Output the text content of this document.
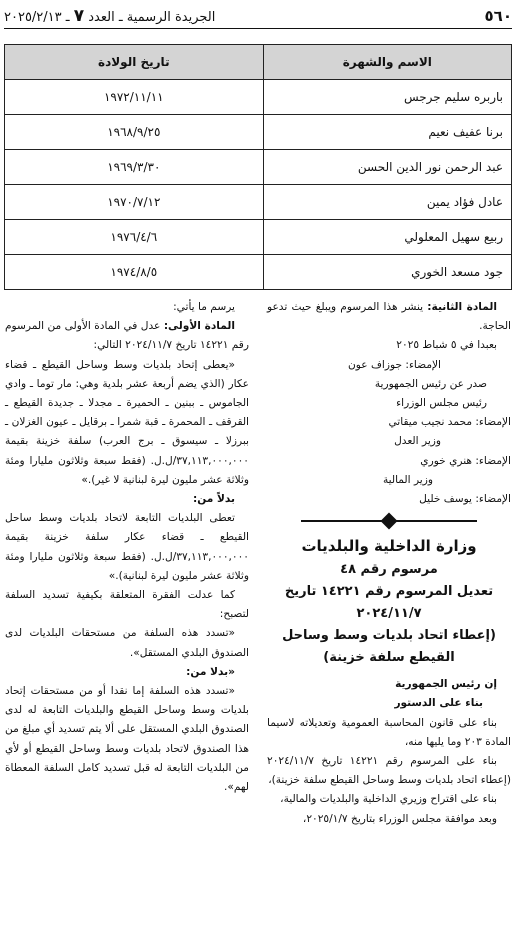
٥٦٠
الجريدة الرسمية ـ العدد ٧ ـ ٢٠٢٥/٢/١٣
الاسم والشهرة	تاريخ الولادة
باربره سليم جرجس	١٩٧٢/١١/١١
برنا عفيف نعيم	١٩٦٨/٩/٢٥
عبد الرحمن نور الدين الحسن	١٩٦٩/٣/٣٠
عادل فؤاد يمين	١٩٧٠/٧/١٢
ربيع سهيل المعلولي	١٩٧٦/٤/٦
جود مسعد الخوري	١٩٧٤/٨/٥

المادة الثانية: ينشر هذا المرسوم ويبلغ حيث تدعو الحاجة.

بعبدا في ٥ شباط ٢٠٢٥

الإمضاء: جوزاف عون

صدر عن رئيس الجمهورية

رئيس مجلس الوزراء

الإمضاء: محمد نجيب ميقاتي

وزير العدل

الإمضاء: هنري خوري

وزير المالية

الإمضاء: يوسف خليل

وزارة الداخلية والبلديات

مرسوم رقم ٤٨

تعديل المرسوم رقم ١٤٢٢١ تاريخ ٢٠٢٤/١١/٧

(إعطاء اتحاد بلديات وسط وساحل القيطع سلفة خزينة)

إن رئيس الجمهورية

بناء على الدستور

بناء على قانون المحاسبة العمومية وتعديلاته لاسيما المادة ٢٠٣ وما يليها منه،

بناء على المرسوم رقم ١٤٢٢١ تاريخ ٢٠٢٤/١١/٧ (إعطاء اتحاد بلديات وسط وساحل القيطع سلفة خزينة)،

بناء على اقتراح وزيري الداخلية والبلديات والمالية،

وبعد موافقة مجلس الوزراء بتاريخ ٢٠٢٥/١/٧،

يرسم ما يأتي:

المادة الأولى: عدل في المادة الأولى من المرسوم رقم ١٤٢٢١ تاريخ ٢٠٢٤/١١/٧ التالي:

«يعطى إتحاد بلديات وسط وساحل القيطع ـ قضاء عكار (الذي يضم أربعة عشر بلدية وهي: مار توما ـ وادي الجاموس ـ ببنين ـ الحميرة ـ مجدلا ـ جديدة القيطع ـ القرقف ـ المحمرة ـ قبة شمرا ـ برقايل ـ عيون الغزلان ـ ببرزلا ـ سيسوق ـ برج العرب) سلفة خزينة بقيمة ٣٧,١١٣,٠٠٠,٠٠٠/ل.ل. (فقط سبعة وثلاثون مليارا ومئة وثلاثة عشر مليون ليرة لبنانية لا غير).»

بدلاً من:

تعطى البلديات التابعة لاتحاد بلديات وسط ساحل القيطع ـ قضاء عكار سلفة خزينة بقيمة ٣٧,١١٣,٠٠٠,٠٠٠/ل.ل. (فقط سبعة وثلاثون مليارا ومئة وثلاثة عشر مليون ليرة لبنانية).»

كما عدلت الفقرة المتعلقة بكيفية تسديد السلفة لتصبح:

«تسدد هذه السلفة من مستحقات البلديات لدى الصندوق البلدي المستقل».

«بدلا من:

«تسدد هذه السلفة إما نقدا أو من مستحقات إتحاد بلديات وسط وساحل القيطع والبلديات التابعة له لدى الصندوق البلدي المستقل على ألا يتم تسديد أي مبلغ من هذا الصندوق لاتحاد بلديات وسط وساحل القيطع أو لأي من البلديات التابعة له قبل تسديد كامل السلفة المعطاة لهم».
